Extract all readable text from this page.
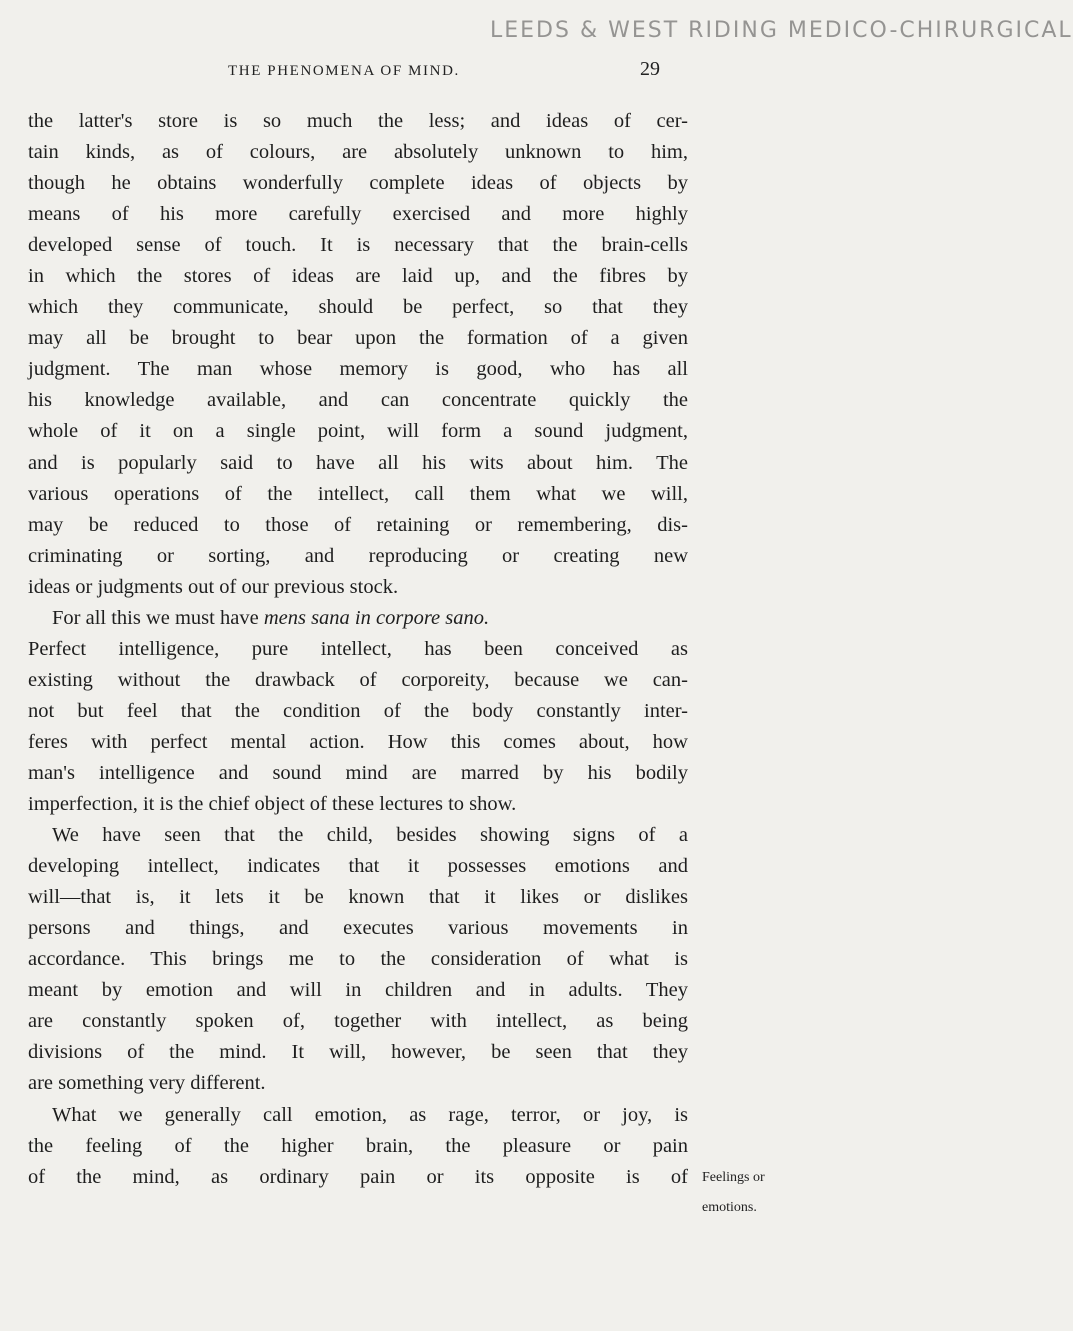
LEEDS & WEST RIDING MEDICO-CHIRURGICAL
THE PHENOMENA OF MIND.	29
the latter's store is so much the less; and ideas of cer-
tain kinds, as of colours, are absolutely unknown to him,
though he obtains wonderfully complete ideas of objects by
means of his more carefully exercised and more highly
developed sense of touch. It is necessary that the brain-cells
in which the stores of ideas are laid up, and the fibres by
which they communicate, should be perfect, so that they
may all be brought to bear upon the formation of a given
judgment. The man whose memory is good, who has all
his knowledge available, and can concentrate quickly the
whole of it on a single point, will form a sound judgment,
and is popularly said to have all his wits about him. The
various operations of the intellect, call them what we will,
may be reduced to those of retaining or remembering, dis-
criminating or sorting, and reproducing or creating new
ideas or judgments out of our previous stock.
For all this we must have mens sana in corpore sano.
Perfect intelligence, pure intellect, has been conceived as
existing without the drawback of corporeity, because we can-
not but feel that the condition of the body constantly inter-
feres with perfect mental action. How this comes about, how
man's intelligence and sound mind are marred by his bodily
imperfection, it is the chief object of these lectures to show.
We have seen that the child, besides showing signs of a
developing intellect, indicates that it possesses emotions and
will—that is, it lets it be known that it likes or dislikes
persons and things, and executes various movements in
accordance. This brings me to the consideration of what is
meant by emotion and will in children and in adults. They
are constantly spoken of, together with intellect, as being
divisions of the mind. It will, however, be seen that they
are something very different.
What we generally call emotion, as rage, terror, or joy, is
the feeling of the higher brain, the pleasure or pain
of the mind, as ordinary pain or its opposite is of Feelings or
emotions.
